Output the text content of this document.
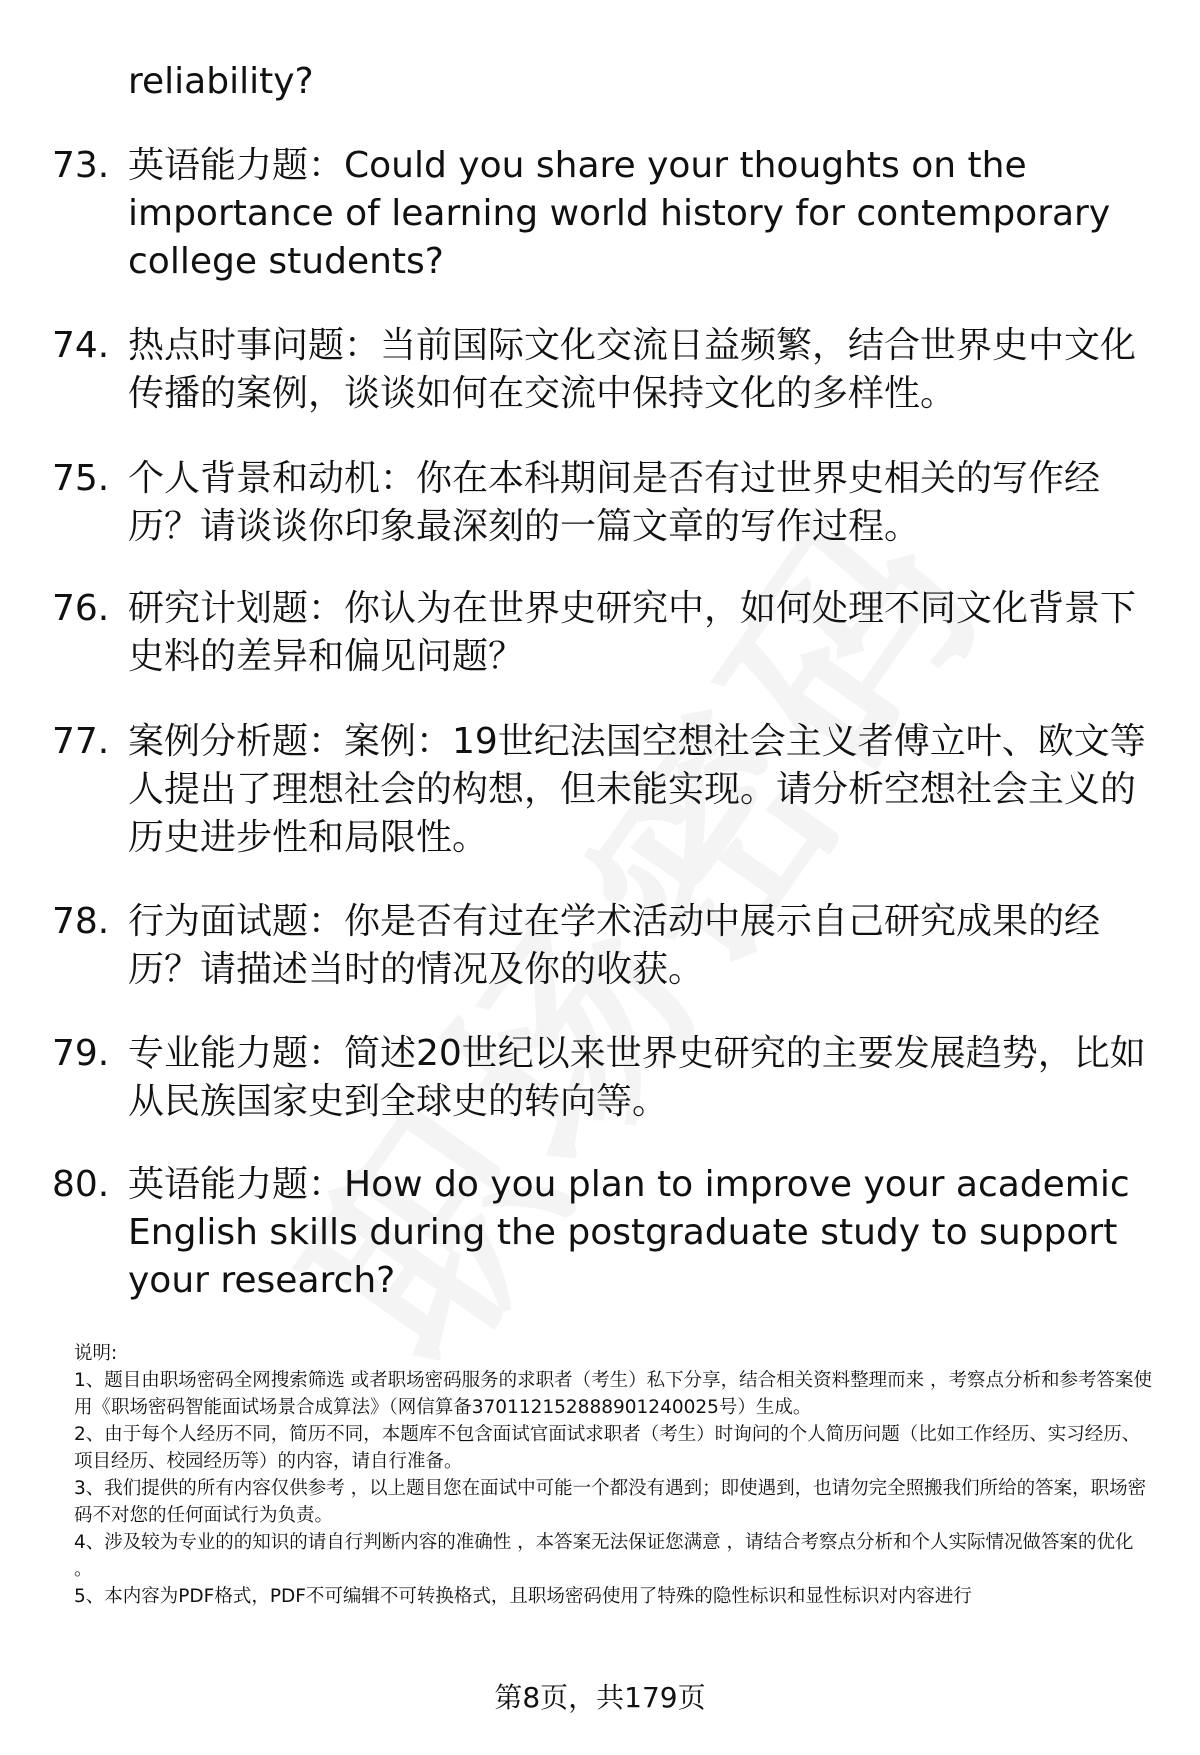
reliability?
73. 英语能力题：Could you share your thoughts on the importance of learning world history for contemporary college students?
74. 热点时事问题：当前国际文化交流日益频繁，结合世界史中文化传播的案例，谈谈如何在交流中保持文化的多样性。
75. 个人背景和动机：你在本科期间是否有过世界史相关的写作经历？请谈谈你印象最深刻的一篇文章的写作过程。
76. 研究计划题：你认为在世界史研究中，如何处理不同文化背景下史料的差异和偏见问题？
77. 案例分析题：案例：19世纪法国空想社会主义者傅立叶、欧文等人提出了理想社会的构想，但未能实现。请分析空想社会主义的历史进步性和局限性。
78. 行为面试题：你是否有过在学术活动中展示自己研究成果的经历？请描述当时的情况及你的收获。
79. 专业能力题：简述20世纪以来世界史研究的主要发展趋势，比如从民族国家史到全球史的转向等。
80. 英语能力题：How do you plan to improve your academic English skills during the postgraduate study to support your research?
说明:
1、题目由职场密码全网搜索筛选 或者职场密码服务的求职者（考生）私下分享，结合相关资料整理而来 ，考察点分析和参考答案使用《职场密码智能面试场景合成算法》（网信算备370112152888901240025号）生成。
2、由于每个人经历不同，简历不同，本题库不包含面试官面试求职者（考生）时询问的个人简历问题（比如工作经历、实习经历、项目经历、校园经历等）的内容，请自行准备。
3、我们提供的所有内容仅供参考 ，以上题目您在面试中可能一个都没有遇到；即使遇到，也请勿完全照搬我们所给的答案，职场密码不对您的任何面试行为负责。
4、涉及较为专业的的知识的请自行判断内容的准确性 ，本答案无法保证您满意 ，请结合考察点分析和个人实际情况做答案的优化 。
5、本内容为PDF格式，PDF不可编辑不可转换格式，且职场密码使用了特殊的隐性标识和显性标识对内容进行
第8页，共179页
